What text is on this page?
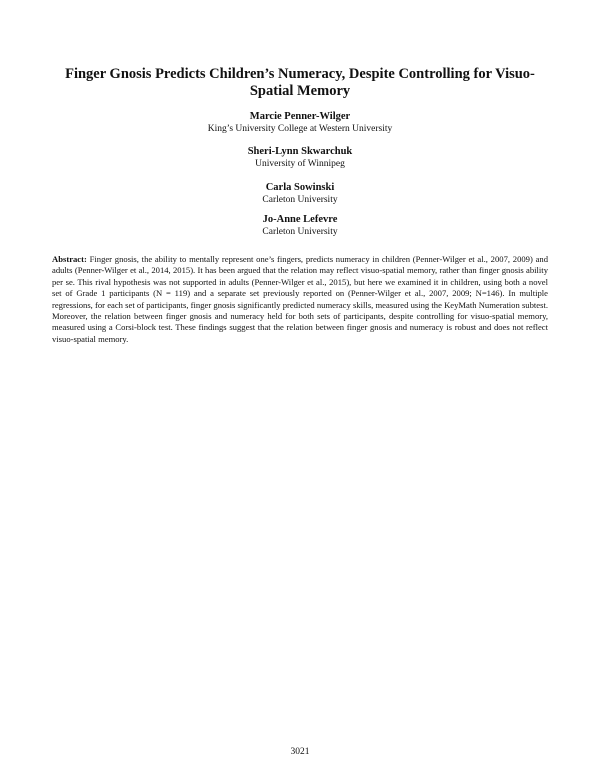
Finger Gnosis Predicts Children’s Numeracy, Despite Controlling for Visuo-Spatial Memory
Marcie Penner-Wilger
King’s University College at Western University
Sheri-Lynn Skwarchuk
University of Winnipeg
Carla Sowinski
Carleton University
Jo-Anne Lefevre
Carleton University
Abstract: Finger gnosis, the ability to mentally represent one’s fingers, predicts numeracy in children (Penner-Wilger et al., 2007, 2009) and adults (Penner-Wilger et al., 2014, 2015). It has been argued that the relation may reflect visuo-spatial memory, rather than finger gnosis ability per se. This rival hypothesis was not supported in adults (Penner-Wilger et al., 2015), but here we examined it in children, using both a novel set of Grade 1 participants (N = 119) and a separate set previously reported on (Penner-Wilger et al., 2007, 2009; N=146). In multiple regressions, for each set of participants, finger gnosis significantly predicted numeracy skills, measured using the KeyMath Numeration subtest. Moreover, the relation between finger gnosis and numeracy held for both sets of participants, despite controlling for visuo-spatial memory, measured using a Corsi-block test. These findings suggest that the relation between finger gnosis and numeracy is robust and does not reflect visuo-spatial memory.
3021
